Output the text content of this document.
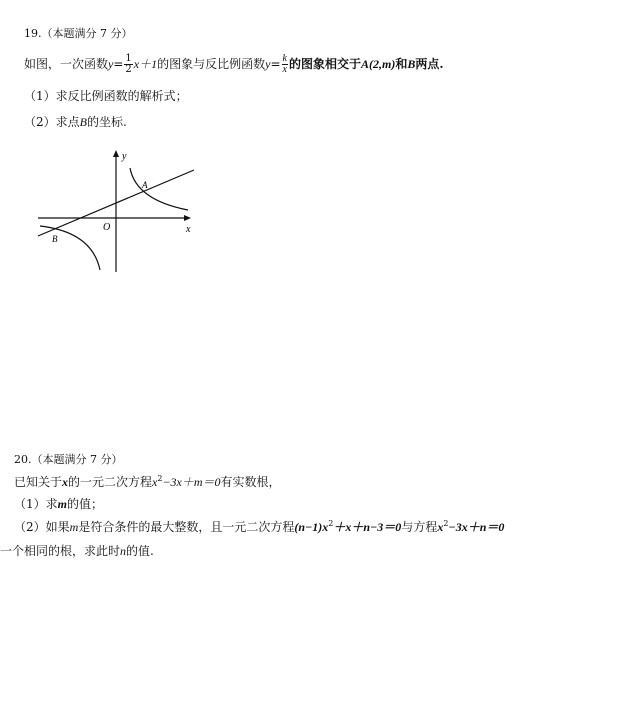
19.（本题满分 7 分）
如图，一次函数$y= \frac{1}{2} x+1$的图象与反比例函数$y= \frac{k}{x}$ 的图象相交于A(2,m)和B两点.
（1）求反比例函数的解析式；
（2）求点B的坐标.
y
x
O
A
B
20.（本题满分 7 分）
已知关于x的一元二次方程$x^2-3x+m=0$有实数根，
（1）求m的值；
（2）如果m是符合条件的最大整数，且一元二次方程$(n-1)x^2+x+n-3=0$与方程$x^2-3x+n=0$
一个相同的根，求此时n的值.
